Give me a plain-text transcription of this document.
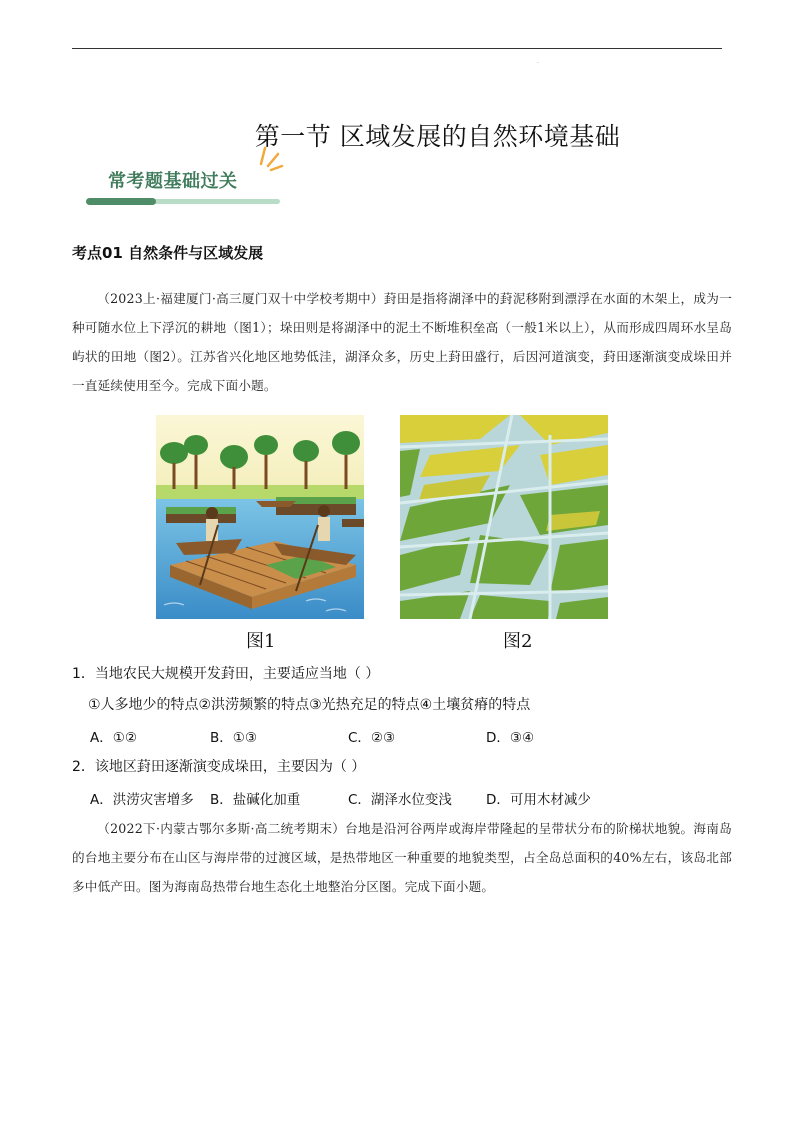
.
第一节 区域发展的自然环境基础
常考题基础过关
考点01 自然条件与区域发展

（2023上·福建厦门·高三厦门双十中学校考期中）葑田是指将湖泽中的葑泥移附到漂浮在水面的木架上，成为一种可随水位上下浮沉的耕地（图1）；垛田则是将湖泽中的泥土不断堆积垒高（一般1米以上），从而形成四周环水呈岛屿状的田地（图2）。江苏省兴化地区地势低洼，湖泽众多，历史上葑田盛行，后因河道演变，葑田逐渐演变成垛田并一直延续使用至今。完成下面小题。

图1	图2
1．当地农民大规模开发葑田，主要适应当地（ ）
①人多地少的特点②洪涝频繁的特点③光热充足的特点④土壤贫瘠的特点
A．①②	B．①③	C．②③	D．③④
2．该地区葑田逐渐演变成垛田，主要因为（ ）
A．洪涝灾害增多 B．盐碱化加重	C．湖泽水位变浅	D．可用木材减少

（2022下·内蒙古鄂尔多斯·高二统考期末）台地是沿河谷两岸或海岸带隆起的呈带状分布的阶梯状地貌。海南岛的台地主要分布在山区与海岸带的过渡区域，是热带地区一种重要的地貌类型，占全岛总面积的40%左右，该岛北部多中低产田。图为海南岛热带台地生态化土地整治分区图。完成下面小题。
